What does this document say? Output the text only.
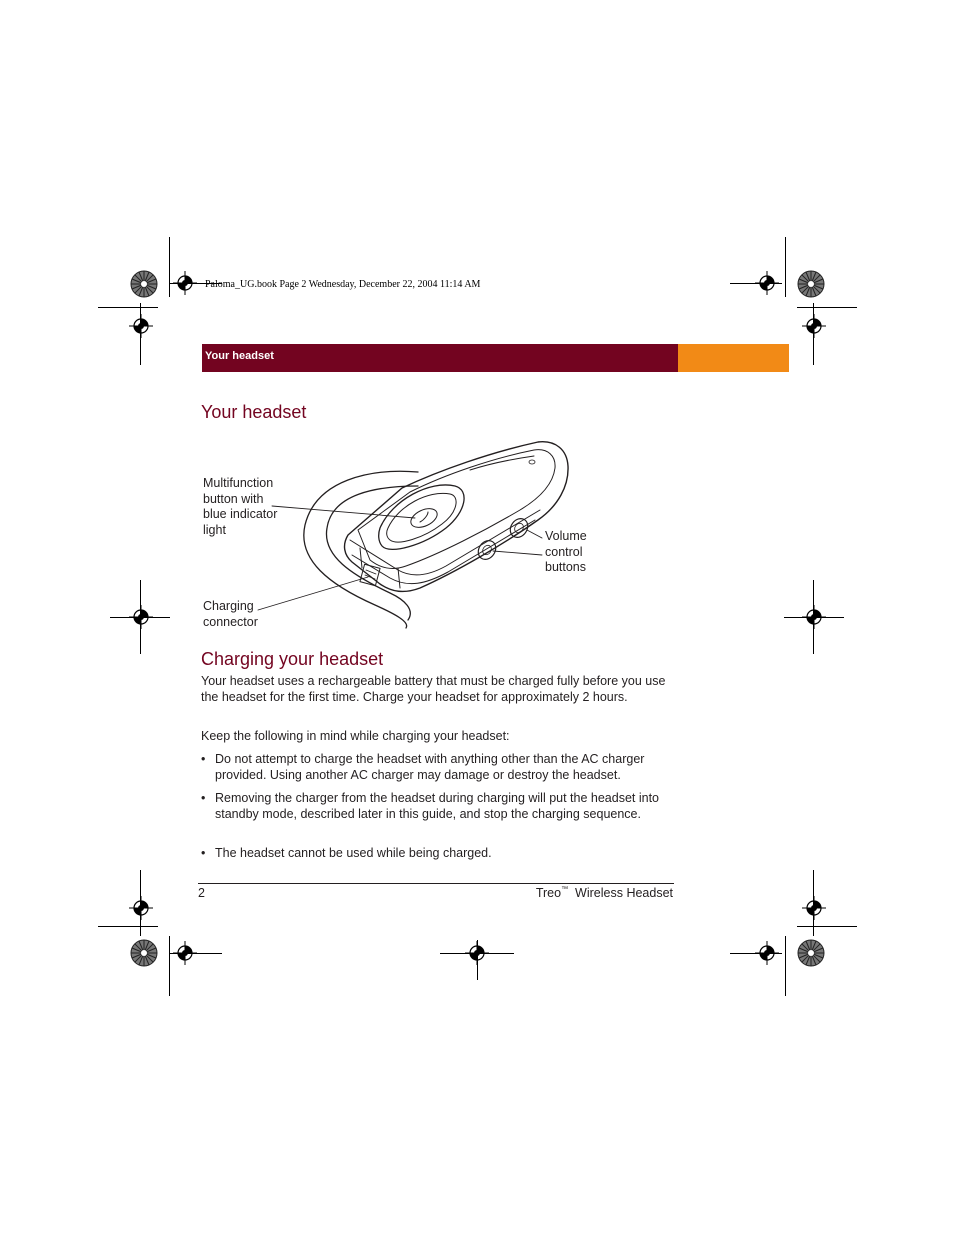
Paloma_UG.book Page 2 Wednesday, December 22, 2004 11:14 AM
Your headset
Your headset
Multifunction
button with
blue indicator
light	Volume
control
buttons
Charging
connector
Charging your headset

Your headset uses a rechargeable battery that must be charged fully before you use the headset for the first time. Charge your headset for approximately 2 hours.

Keep the following in mind while charging your headset:

• Do not attempt to charge the headset with anything other than the AC charger provided. Using another AC charger may damage or destroy the headset.
• Removing the charger from the headset during charging will put the headset into standby mode, described later in this guide, and stop the charging sequence.
• The headset cannot be used while being charged.
2	Treo™ Wireless Headset
